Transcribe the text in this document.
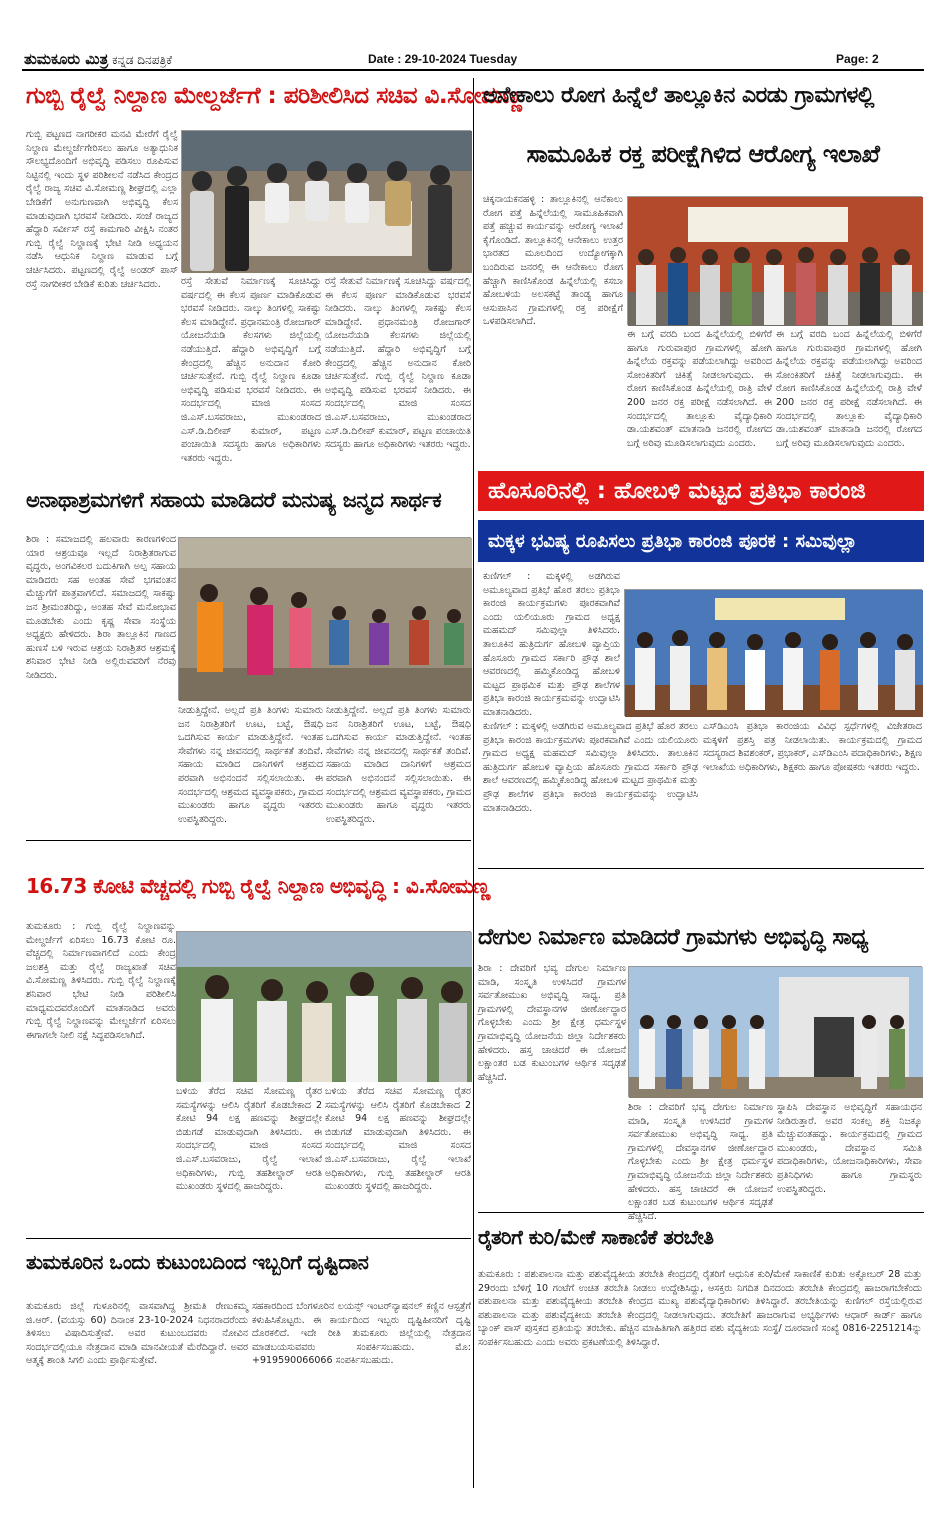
ತುಮಕೂರು ಮಿತ್ರ ಕನ್ನಡ ದಿನಪತ್ರಿಕೆ	Date : 29-10-2024 Tuesday	Page: 2
ಗುಬ್ಬಿ ರೈಲ್ವೆ ನಿಲ್ದಾಣ ಮೇಲ್ದರ್ಜೆಗೆ : ಪರಿಶೀಲಿಸಿದ ಸಚಿವ ವಿ.ಸೋಮಣ್ಣ
ಗುಬ್ಬಿ ಪಟ್ಟಣದ ನಾಗರೀಕರ ಮನವಿ ಮೇರೆಗೆ ರೈಲ್ವೆ ನಿಲ್ದಾಣ ಮೇಲ್ದರ್ಜೆಗೇರಿಸಲು ಹಾಗೂ ಅತ್ಯಾಧುನಿಕ ಸೌಲಭ್ಯದೊಂದಿಗೆ ಅಭಿವೃದ್ಧಿ ಪಡಿಸಲು ರೂಪಿಸುವ ನಿಟ್ಟಿನಲ್ಲಿ ಇಂದು ಸ್ಥಳ ಪರಿಶೀಲನೆ ನಡೆಸಿದ ಕೇಂದ್ರದ ರೈಲ್ವೆ ರಾಜ್ಯ ಸಚಿವ ವಿ.ಸೋಮಣ್ಣ ಶೀಘ್ರದಲ್ಲಿ ಎಲ್ಲಾ ಬೇಡಿಕೆಗೆ ಅನುಗುಣವಾಗಿ ಅಭಿವೃದ್ಧಿ ಕೆಲಸ ಮಾಡುವುದಾಗಿ ಭರವಸೆ ನೀಡಿದರು. ಸಂಜೆ ರಾಜ್ಯದ ಹೆದ್ದಾರಿ ಸರ್ವೀಸ್ ರಸ್ತೆ ಕಾಮಗಾರಿ ವೀಕ್ಷಿಸಿ ನಂತರ ಗುಬ್ಬಿ ರೈಲ್ವೆ ನಿಲ್ದಾಣಕ್ಕೆ ಭೇಟಿ ನೀಡಿ ಅಧ್ಯಯನ ನಡೆಸಿ ಆಧುನಿಕ ನಿಲ್ದಾಣ ಮಾಡುವ ಬಗ್ಗೆ ಚರ್ಚಿಸಿದರು. ಪಟ್ಟಣದಲ್ಲಿ ರೈಲ್ವೆ ಅಂಡರ್ ಪಾಸ್ ರಸ್ತೆ ನಾಗರೀಕರ ಬೇಡಿಕೆ ಕುರಿತು ಚರ್ಚಿಸಿದರು.	ರಸ್ತೆ ಸೇತುವೆ ನಿರ್ಮಾಣಕ್ಕೆ ಸೂಚಿಸಿದ್ದು ವರ್ಷದಲ್ಲಿ ಈ ಕೆಲಸ ಪೂರ್ಣ ಮಾಡಿಕೊಡುವ ಭರವಸೆ ನೀಡಿದರು. ನಾಲ್ಕು ತಿಂಗಳಲ್ಲಿ ಸಾಕಷ್ಟು ಕೆಲಸ ಮಾಡಿದ್ದೇನೆ. ಪ್ರಧಾನಮಂತ್ರಿ ರೋಜಗಾರ್ ಯೋಜನೆಯಡಿ ಕೆಲಸಗಳು ಜಿಲ್ಲೆಯಲ್ಲಿ ನಡೆಯುತ್ತಿದೆ. ಹೆದ್ದಾರಿ ಅಭಿವೃದ್ಧಿಗೆ ಬಗ್ಗೆ ಕೇಂದ್ರದಲ್ಲಿ ಹೆಚ್ಚಿನ ಅನುದಾನ ಕೋರಿ ಚರ್ಚಿಸುತ್ತೇನೆ. ಗುಬ್ಬಿ ರೈಲ್ವೆ ನಿಲ್ದಾಣ ಕೂಡಾ ಅಭಿವೃದ್ಧಿ ಪಡಿಸುವ ಭರವಸೆ ನೀಡಿದರು. ಈ ಸಂದರ್ಭದಲ್ಲಿ ಮಾಜಿ ಸಂಸದ ಜಿ.ಎಸ್.ಬಸವರಾಜು, ಮುಖಂಡರಾದ ಎಸ್.ಡಿ.ದಿಲೀಪ್ ಕುಮಾರ್, ಪಟ್ಟಣ ಪಂಚಾಯಿತಿ ಸದಸ್ಯರು ಹಾಗೂ ಅಧಿಕಾರಿಗಳು ಇತರರು ಇದ್ದರು.
ರಸ್ತೆ ಸೇತುವೆ ನಿರ್ಮಾಣಕ್ಕೆ ಸೂಚಿಸಿದ್ದು ವರ್ಷದಲ್ಲಿ ಈ ಕೆಲಸ ಪೂರ್ಣ ಮಾಡಿಕೊಡುವ ಭರವಸೆ ನೀಡಿದರು. ನಾಲ್ಕು ತಿಂಗಳಲ್ಲಿ ಸಾಕಷ್ಟು ಕೆಲಸ ಮಾಡಿದ್ದೇನೆ. ಪ್ರಧಾನಮಂತ್ರಿ ರೋಜಗಾರ್ ಯೋಜನೆಯಡಿ ಕೆಲಸಗಳು ಜಿಲ್ಲೆಯಲ್ಲಿ ನಡೆಯುತ್ತಿದೆ. ಹೆದ್ದಾರಿ ಅಭಿವೃದ್ಧಿಗೆ ಬಗ್ಗೆ ಕೇಂದ್ರದಲ್ಲಿ ಹೆಚ್ಚಿನ ಅನುದಾನ ಕೋರಿ ಚರ್ಚಿಸುತ್ತೇನೆ. ಗುಬ್ಬಿ ರೈಲ್ವೆ ನಿಲ್ದಾಣ ಕೂಡಾ ಅಭಿವೃದ್ಧಿ ಪಡಿಸುವ ಭರವಸೆ ನೀಡಿದರು. ಈ ಸಂದರ್ಭದಲ್ಲಿ ಮಾಜಿ ಸಂಸದ ಜಿ.ಎಸ್.ಬಸವರಾಜು, ಮುಖಂಡರಾದ ಎಸ್.ಡಿ.ದಿಲೀಪ್ ಕುಮಾರ್, ಪಟ್ಟಣ ಪಂಚಾಯಿತಿ ಸದಸ್ಯರು ಹಾಗೂ ಅಧಿಕಾರಿಗಳು ಇತರರು ಇದ್ದರು.
ಅನೇಕಾಲು ರೋಗ ಹಿನ್ನೆಲೆ ತಾಲ್ಲೂಕಿನ ಎರಡು ಗ್ರಾಮಗಳಲ್ಲಿ
ಸಾಮೂಹಿಕ ರಕ್ತ ಪರೀಕ್ಷೆಗಿಳಿದ ಆರೋಗ್ಯ ಇಲಾಖೆ
ಚಿಕ್ಕನಾಯಕನಹಳ್ಳಿ : ತಾಲ್ಲೂಕಿನಲ್ಲಿ ಆನೆಕಾಲು ರೋಗ ಪತ್ತೆ ಹಿನ್ನೆಲೆಯಲ್ಲಿ ಸಾಮೂಹಿಕವಾಗಿ ಪತ್ತೆ ಹಚ್ಚುವ ಕಾರ್ಯವನ್ನು ಆರೋಗ್ಯ ಇಲಾಖೆ ಕೈಗೊಂಡಿದೆ. ತಾಲ್ಲೂಕಿನಲ್ಲಿ ಆನೇಕಾಲು ಉತ್ತರ ಭಾರತದ ಮೂಲದಿಂದ ಉದ್ಯೋಗಕ್ಕಾಗಿ ಬಂದಿರುವ ಜನರಲ್ಲಿ ಈ ಆನೇಕಾಲು ರೋಗ ಹೆಚ್ಚಾಗಿ ಕಾಣಿಸಿಕೊಂಡ ಹಿನ್ನೆಲೆಯಲ್ಲಿ ಕಸಬಾ ಹೋಬಳಿಯ ಅಲಸಕಟ್ಟೆ ತಾಂಡ್ಯ ಹಾಗೂ ಆಸುಪಾಸಿನ ಗ್ರಾಮಗಳಲ್ಲಿ ರಕ್ತ ಪರೀಕ್ಷೆಗೆ ಒಳಪಡಿಸಲಾಗಿದೆ.
ಈ ಬಗ್ಗೆ ವರದಿ ಬಂದ ಹಿನ್ನೆಲೆಯಲ್ಲಿ ಬಿಳಿಗೆರೆ ಹಾಗೂ ಗುರುವಾಪುರ ಗ್ರಾಮಗಳಲ್ಲಿ ಹೋಗಿ ಹಿನ್ನೆಲೆಯ ರಕ್ತವನ್ನು ಪಡೆಯಲಾಗಿದ್ದು ಅವರಿಂದ ಸೋಂಕಿತರಿಗೆ ಚಿಕಿತ್ಸೆ ನೀಡಲಾಗುವುದು. ಈ ರೋಗ ಕಾಣಿಸಿಕೊಂಡ ಹಿನ್ನೆಲೆಯಲ್ಲಿ ರಾತ್ರಿ ವೇಳೆ 200 ಜನರ ರಕ್ತ ಪರೀಕ್ಷೆ ನಡೆಸಲಾಗಿದೆ. ಈ ಸಂದರ್ಭದಲ್ಲಿ ತಾಲ್ಲೂಕು ವೈದ್ಯಾಧಿಕಾರಿ ಡಾ.ಯಶವಂತ್ ಮಾತನಾಡಿ ಜನರಲ್ಲಿ ರೋಗದ ಬಗ್ಗೆ ಅರಿವು ಮೂಡಿಸಲಾಗುವುದು ಎಂದರು.
ಈ ಬಗ್ಗೆ ವರದಿ ಬಂದ ಹಿನ್ನೆಲೆಯಲ್ಲಿ ಬಿಳಿಗೆರೆ ಹಾಗೂ ಗುರುವಾಪುರ ಗ್ರಾಮಗಳಲ್ಲಿ ಹೋಗಿ ಹಿನ್ನೆಲೆಯ ರಕ್ತವನ್ನು ಪಡೆಯಲಾಗಿದ್ದು ಅವರಿಂದ ಸೋಂಕಿತರಿಗೆ ಚಿಕಿತ್ಸೆ ನೀಡಲಾಗುವುದು. ಈ ರೋಗ ಕಾಣಿಸಿಕೊಂಡ ಹಿನ್ನೆಲೆಯಲ್ಲಿ ರಾತ್ರಿ ವೇಳೆ 200 ಜನರ ರಕ್ತ ಪರೀಕ್ಷೆ ನಡೆಸಲಾಗಿದೆ. ಈ ಸಂದರ್ಭದಲ್ಲಿ ತಾಲ್ಲೂಕು ವೈದ್ಯಾಧಿಕಾರಿ ಡಾ.ಯಶವಂತ್ ಮಾತನಾಡಿ ಜನರಲ್ಲಿ ರೋಗದ ಬಗ್ಗೆ ಅರಿವು ಮೂಡಿಸಲಾಗುವುದು ಎಂದರು.
ಅನಾಥಾಶ್ರಮಗಳಿಗೆ ಸಹಾಯ ಮಾಡಿದರೆ ಮನುಷ್ಯ ಜನ್ಮದ ಸಾರ್ಥಕ
ಶಿರಾ : ಸಮಾಜದಲ್ಲಿ ಹಲವಾರು ಕಾರಣಗಳಿಂದ ಯಾರ ಆಶ್ರಯವೂ ಇಲ್ಲದೆ ನಿರಾಶ್ರಿತರಾಗುವ ವೃದ್ಧರು, ಅಂಗವಿಕಲರ ಬದುಕಿಗಾಗಿ ಅಲ್ಪ ಸಹಾಯ ಮಾಡಿದರು ಸಹ ಅಂತಹ ಸೇವೆ ಭಗವಂತನ ಮೆಚ್ಚುಗೆಗೆ ಪಾತ್ರವಾಗಲಿದೆ. ಸಮಾಜದಲ್ಲಿ ಸಾಕಷ್ಟು ಜನ ಶ್ರೀಮಂತರಿದ್ದು, ಅಂತಹ ಸೇವೆ ಮನೋಭಾವ ಮೂಡಬೇಕು ಎಂದು ಕೃಷ್ಣ ಸೇವಾ ಸಂಸ್ಥೆಯ ಅಧ್ಯಕ್ಷರು ಹೇಳಿದರು. ಶಿರಾ ತಾಲ್ಲೂಕಿನ ಗಾಣದ ಹುಣಸೆ ಬಳಿ ಇರುವ ಆಶ್ರಯ ನಿರಾಶ್ರಿತರ ಆಶ್ರಮಕ್ಕೆ ಶನಿವಾರ ಭೇಟಿ ನೀಡಿ ಅಲ್ಲಿರುವವರಿಗೆ ನೆರವು ನೀಡಿದರು.
ನೀಡುತ್ತಿದ್ದೇನೆ. ಅಲ್ಲದೆ ಪ್ರತಿ ತಿಂಗಳು ಸುಮಾರು ಜನ ನಿರಾಶ್ರಿತರಿಗೆ ಊಟ, ಬಟ್ಟೆ, ಔಷಧಿ ಒದಗಿಸುವ ಕಾರ್ಯ ಮಾಡುತ್ತಿದ್ದೇನೆ. ಇಂತಹ ಸೇವೆಗಳು ನನ್ನ ಜೀವನದಲ್ಲಿ ಸಾರ್ಥಕತೆ ತಂದಿವೆ. ಸಹಾಯ ಮಾಡಿದ ದಾನಿಗಳಿಗೆ ಆಶ್ರಮದ ಪರವಾಗಿ ಅಭಿನಂದನೆ ಸಲ್ಲಿಸಲಾಯಿತು. ಈ ಸಂದರ್ಭದಲ್ಲಿ ಆಶ್ರಮದ ವ್ಯವಸ್ಥಾಪಕರು, ಗ್ರಾಮದ ಮುಖಂಡರು ಹಾಗೂ ವೃದ್ಧರು ಇತರರು ಉಪಸ್ಥಿತರಿದ್ದರು.
ನೀಡುತ್ತಿದ್ದೇನೆ. ಅಲ್ಲದೆ ಪ್ರತಿ ತಿಂಗಳು ಸುಮಾರು ಜನ ನಿರಾಶ್ರಿತರಿಗೆ ಊಟ, ಬಟ್ಟೆ, ಔಷಧಿ ಒದಗಿಸುವ ಕಾರ್ಯ ಮಾಡುತ್ತಿದ್ದೇನೆ. ಇಂತಹ ಸೇವೆಗಳು ನನ್ನ ಜೀವನದಲ್ಲಿ ಸಾರ್ಥಕತೆ ತಂದಿವೆ. ಸಹಾಯ ಮಾಡಿದ ದಾನಿಗಳಿಗೆ ಆಶ್ರಮದ ಪರವಾಗಿ ಅಭಿನಂದನೆ ಸಲ್ಲಿಸಲಾಯಿತು. ಈ ಸಂದರ್ಭದಲ್ಲಿ ಆಶ್ರಮದ ವ್ಯವಸ್ಥಾಪಕರು, ಗ್ರಾಮದ ಮುಖಂಡರು ಹಾಗೂ ವೃದ್ಧರು ಇತರರು ಉಪಸ್ಥಿತರಿದ್ದರು.
ಹೊಸೂರಿನಲ್ಲಿ : ಹೋಬಳಿ ಮಟ್ಟದ ಪ್ರತಿಭಾ ಕಾರಂಜಿ
ಮಕ್ಕಳ ಭವಿಷ್ಯ ರೂಪಿಸಲು ಪ್ರತಿಭಾ ಕಾರಂಜಿ ಪೂರಕ : ಸಮಿವುಲ್ಲಾ
ಕುಣಿಗಲ್ : ಮಕ್ಕಳಲ್ಲಿ ಅಡಗಿರುವ ಅಮೂಲ್ಯವಾದ ಪ್ರತಿಭೆ ಹೊರ ತರಲು ಪ್ರತಿಭಾ ಕಾರಂಜಿ ಕಾರ್ಯಕ್ರಮಗಳು ಪೂರಕವಾಗಿವೆ ಎಂದು ಯಲಿಯೂರು ಗ್ರಾಮದ ಅಧ್ಯಕ್ಷ ಮಹಮದ್ ಸಮಿವುಲ್ಲಾ ತಿಳಿಸಿದರು. ತಾಲೂಕಿನ ಹುತ್ರಿದುರ್ಗ ಹೋಬಳಿ ವ್ಯಾಪ್ತಿಯ ಹೊಸೂರು ಗ್ರಾಮದ ಸರ್ಕಾರಿ ಪ್ರೌಢ ಶಾಲೆ ಆವರಣದಲ್ಲಿ ಹಮ್ಮಿಕೊಂಡಿದ್ದ ಹೋಬಳಿ ಮಟ್ಟದ ಪ್ರಾಥಮಿಕ ಮತ್ತು ಪ್ರೌಢ ಶಾಲೆಗಳ ಪ್ರತಿಭಾ ಕಾರಂಜಿ ಕಾರ್ಯಕ್ರಮವನ್ನು ಉದ್ಘಾಟಿಸಿ ಮಾತನಾಡಿದರು.
ಕುಣಿಗಲ್ : ಮಕ್ಕಳಲ್ಲಿ ಅಡಗಿರುವ ಅಮೂಲ್ಯವಾದ ಪ್ರತಿಭೆ ಹೊರ ತರಲು ಪ್ರತಿಭಾ ಕಾರಂಜಿ ಕಾರ್ಯಕ್ರಮಗಳು ಪೂರಕವಾಗಿವೆ ಎಂದು ಯಲಿಯೂರು ಗ್ರಾಮದ ಅಧ್ಯಕ್ಷ ಮಹಮದ್ ಸಮಿವುಲ್ಲಾ ತಿಳಿಸಿದರು. ತಾಲೂಕಿನ ಹುತ್ರಿದುರ್ಗ ಹೋಬಳಿ ವ್ಯಾಪ್ತಿಯ ಹೊಸೂರು ಗ್ರಾಮದ ಸರ್ಕಾರಿ ಪ್ರೌಢ ಶಾಲೆ ಆವರಣದಲ್ಲಿ ಹಮ್ಮಿಕೊಂಡಿದ್ದ ಹೋಬಳಿ ಮಟ್ಟದ ಪ್ರಾಥಮಿಕ ಮತ್ತು ಪ್ರೌಢ ಶಾಲೆಗಳ ಪ್ರತಿಭಾ ಕಾರಂಜಿ ಕಾರ್ಯಕ್ರಮವನ್ನು ಉದ್ಘಾಟಿಸಿ ಮಾತನಾಡಿದರು.
ಎಸ್‌ಡಿಎಂಸಿ ಪ್ರತಿಭಾ ಕಾರಂಜಿಯ ವಿವಿಧ ಸ್ಪರ್ಧೆಗಳಲ್ಲಿ ವಿಜೇತರಾದ ಮಕ್ಕಳಿಗೆ ಪ್ರಶಸ್ತಿ ಪತ್ರ ನೀಡಲಾಯಿತು. ಕಾರ್ಯಕ್ರಮದಲ್ಲಿ ಗ್ರಾಮದ ಸದಸ್ಯರಾದ ಶಿವಶಂಕರ್, ಪ್ರಭಾಕರ್, ಎಸ್‌ಡಿಎಂಸಿ ಪದಾಧಿಕಾರಿಗಳು, ಶಿಕ್ಷಣ ಇಲಾಖೆಯ ಅಧಿಕಾರಿಗಳು, ಶಿಕ್ಷಕರು ಹಾಗೂ ಪೋಷಕರು ಇತರರು ಇದ್ದರು.
16.73 ಕೋಟಿ ವೆಚ್ಚದಲ್ಲಿ ಗುಬ್ಬಿ ರೈಲ್ವೆ ನಿಲ್ದಾಣ ಅಭಿವೃದ್ಧಿ : ವಿ.ಸೋಮಣ್ಣ
ತುಮಕೂರು : ಗುಬ್ಬಿ ರೈಲ್ವೆ ನಿಲ್ದಾಣವನ್ನು ಮೇಲ್ದರ್ಜೆಗೆ ಏರಿಸಲು 16.73 ಕೋಟಿ ರೂ. ವೆಚ್ಚದಲ್ಲಿ ನಿರ್ಮಾಣವಾಗಲಿದೆ ಎಂದು ಕೇಂದ್ರ ಜಲಶಕ್ತಿ ಮತ್ತು ರೈಲ್ವೆ ರಾಜ್ಯಖಾತೆ ಸಚಿವ ವಿ.ಸೋಮಣ್ಣ ತಿಳಿಸಿದರು. ಗುಬ್ಬಿ ರೈಲ್ವೆ ನಿಲ್ದಾಣಕ್ಕೆ ಶನಿವಾರ ಭೇಟಿ ನೀಡಿ ಪರಿಶೀಲಿಸಿ ಮಾಧ್ಯಮದವರೊಂದಿಗೆ ಮಾತನಾಡಿದ ಅವರು ಗುಬ್ಬಿ ರೈಲ್ವೆ ನಿಲ್ದಾಣವನ್ನು ಮೇಲ್ದರ್ಜೆಗೆ ಏರಿಸಲು ಈಗಾಗಲೇ ನೀಲಿ ನಕ್ಷೆ ಸಿದ್ಧಪಡಿಸಲಾಗಿದೆ.
ಬಳಿಯ ತೆರೆದ ಸಚಿವ ಸೋಮಣ್ಣ ರೈತರ ಸಮಸ್ಯೆಗಳನ್ನು ಆಲಿಸಿ ರೈತರಿಗೆ ಕೊಡಬೇಕಾದ 2 ಕೋಟಿ 94 ಲಕ್ಷ ಹಣವನ್ನು ಶೀಘ್ರದಲ್ಲೇ ಬಿಡುಗಡೆ ಮಾಡುವುದಾಗಿ ತಿಳಿಸಿದರು. ಈ ಸಂದರ್ಭದಲ್ಲಿ ಮಾಜಿ ಸಂಸದ ಜಿ.ಎಸ್.ಬಸವರಾಜು, ರೈಲ್ವೆ ಇಲಾಖೆ ಅಧಿಕಾರಿಗಳು, ಗುಬ್ಬಿ ತಹಶೀಲ್ದಾರ್ ಆರತಿ ಮುಖಂಡರು ಸ್ಥಳದಲ್ಲಿ ಹಾಜರಿದ್ದರು.
ಬಳಿಯ ತೆರೆದ ಸಚಿವ ಸೋಮಣ್ಣ ರೈತರ ಸಮಸ್ಯೆಗಳನ್ನು ಆಲಿಸಿ ರೈತರಿಗೆ ಕೊಡಬೇಕಾದ 2 ಕೋಟಿ 94 ಲಕ್ಷ ಹಣವನ್ನು ಶೀಘ್ರದಲ್ಲೇ ಬಿಡುಗಡೆ ಮಾಡುವುದಾಗಿ ತಿಳಿಸಿದರು. ಈ ಸಂದರ್ಭದಲ್ಲಿ ಮಾಜಿ ಸಂಸದ ಜಿ.ಎಸ್.ಬಸವರಾಜು, ರೈಲ್ವೆ ಇಲಾಖೆ ಅಧಿಕಾರಿಗಳು, ಗುಬ್ಬಿ ತಹಶೀಲ್ದಾರ್ ಆರತಿ ಮುಖಂಡರು ಸ್ಥಳದಲ್ಲಿ ಹಾಜರಿದ್ದರು.
ದೇಗುಲ ನಿರ್ಮಾಣ ಮಾಡಿದರೆ ಗ್ರಾಮಗಳು ಅಭಿವೃದ್ಧಿ ಸಾಧ್ಯ
ಶಿರಾ : ದೇವರಿಗೆ ಭವ್ಯ ದೇಗುಲ ನಿರ್ಮಾಣ ಮಾಡಿ, ಸಂಸ್ಕೃತಿ ಉಳಿಸಿದರೆ ಗ್ರಾಮಗಳ ಸರ್ವತೋಮುಖ ಅಭಿವೃದ್ಧಿ ಸಾಧ್ಯ. ಪ್ರತಿ ಗ್ರಾಮಗಳಲ್ಲಿ ದೇವಸ್ಥಾನಗಳ ಜೀರ್ಣೋದ್ಧಾರ ಗೊಳ್ಳಬೇಕು ಎಂದು ಶ್ರೀ ಕ್ಷೇತ್ರ ಧರ್ಮಸ್ಥಳ ಗ್ರಾಮಾಭಿವೃದ್ಧಿ ಯೋಜನೆಯ ಜಿಲ್ಲಾ ನಿರ್ದೇಶಕರು ಹೇಳಿದರು. ಹಸ್ತ ಚಾಚಿದರೆ ಈ ಯೋಜನೆ ಲಕ್ಷಾಂತರ ಬಡ ಕುಟುಂಬಗಳ ಆರ್ಥಿಕ ಸದೃಢತೆ ಹೆಚ್ಚಿಸಿದೆ.
ಶಿರಾ : ದೇವರಿಗೆ ಭವ್ಯ ದೇಗುಲ ನಿರ್ಮಾಣ ಮಾಡಿ, ಸಂಸ್ಕೃತಿ ಉಳಿಸಿದರೆ ಗ್ರಾಮಗಳ ಸರ್ವತೋಮುಖ ಅಭಿವೃದ್ಧಿ ಸಾಧ್ಯ. ಪ್ರತಿ ಗ್ರಾಮಗಳಲ್ಲಿ ದೇವಸ್ಥಾನಗಳ ಜೀರ್ಣೋದ್ಧಾರ ಗೊಳ್ಳಬೇಕು ಎಂದು ಶ್ರೀ ಕ್ಷೇತ್ರ ಧರ್ಮಸ್ಥಳ ಗ್ರಾಮಾಭಿವೃದ್ಧಿ ಯೋಜನೆಯ ಜಿಲ್ಲಾ ನಿರ್ದೇಶಕರು ಹೇಳಿದರು. ಹಸ್ತ ಚಾಚಿದರೆ ಈ ಯೋಜನೆ ಲಕ್ಷಾಂತರ ಬಡ ಕುಟುಂಬಗಳ ಆರ್ಥಿಕ ಸದೃಢತೆ ಹೆಚ್ಚಿಸಿದೆ.
ಸ್ಥಾಪಿಸಿ ದೇವಸ್ಥಾನ ಅಭಿವೃದ್ಧಿಗೆ ಸಹಾಯಧನ ನೀಡಿರುತ್ತಾರೆ. ಅವರ ಸಂಕಲ್ಪ ಶಕ್ತಿ ನಿಜಕ್ಕೂ ಮೆಚ್ಚುವಂತಹದ್ದು. ಕಾರ್ಯಕ್ರಮದಲ್ಲಿ ಗ್ರಾಮದ ಮುಖಂಡರು, ದೇವಸ್ಥಾನ ಸಮಿತಿ ಪದಾಧಿಕಾರಿಗಳು, ಯೋಜನಾಧಿಕಾರಿಗಳು, ಸೇವಾ ಪ್ರತಿನಿಧಿಗಳು ಹಾಗೂ ಗ್ರಾಮಸ್ಥರು ಉಪಸ್ಥಿತರಿದ್ದರು.
ತುಮಕೂರಿನ ಒಂದು ಕುಟುಂಬದಿಂದ ಇಬ್ಬರಿಗೆ ದೃಷ್ಟಿದಾನ
ತುಮಕೂರು ಜಿಲ್ಲೆ ಗುಳೂರಿನಲ್ಲಿ ವಾಸವಾಗಿದ್ದ ಶ್ರೀಮತಿ ರೇಣುಕಮ್ಮ ಜಿ.ಆರ್. (ವಯಸ್ಸು 60) ದಿನಾಂಕ 23-10-2024 ನಿಧನರಾದರೆಂದು ತಿಳಿಸಲು ವಿಷಾದಿಸುತ್ತೇವೆ. ಅವರ ಕುಟುಂಬದವರು ನೋವಿನ ಸಂದರ್ಭದಲ್ಲಿಯೂ ನೇತ್ರದಾನ ಮಾಡಿ ಮಾನವೀಯತೆ ಮೆರೆದಿದ್ದಾರೆ. ಅವರ ಆತ್ಮಕ್ಕೆ ಶಾಂತಿ ಸಿಗಲಿ ಎಂದು ಪ್ರಾರ್ಥಿಸುತ್ತೇವೆ.
ಸಹಕಾರದಿಂದ ಬೆಂಗಳೂರಿನ ಲಯನ್ಸ್ ಇಂಟರ್‌ನ್ಯಾಷನಲ್ ಕಣ್ಣಿನ ಆಸ್ಪತ್ರೆಗೆ ಕಳುಹಿಸಿಕೊಟ್ಟರು. ಈ ಕಾರ್ಯದಿಂದ ಇಬ್ಬರು ದೃಷ್ಟಿಹೀನರಿಗೆ ದೃಷ್ಟಿ ದೊರಕಲಿದೆ. ಇದೇ ರೀತಿ ತುಮಕೂರು ಜಿಲ್ಲೆಯಲ್ಲಿ ನೇತ್ರದಾನ ಮಾಡಬಯಸುವವರು ಸಂಪರ್ಕಿಸಬಹುದು. ಮೊ: +919590066066 ಸಂಪರ್ಕಿಸಬಹುದು.
ರೈತರಿಗೆ ಕುರಿ/ಮೇಕೆ ಸಾಕಾಣಿಕೆ ತರಬೇತಿ
ತುಮಕೂರು : ಪಶುಪಾಲನಾ ಮತ್ತು ಪಶುವೈದ್ಯಕೀಯ ತರಬೇತಿ ಕೇಂದ್ರದಲ್ಲಿ ರೈತರಿಗೆ ಆಧುನಿಕ ಕುರಿ/ಮೇಕೆ ಸಾಕಾಣಿಕೆ ಕುರಿತು ಅಕ್ಟೋಬರ್ 28 ಮತ್ತು 29ರಂದು ಬೆಳಿಗ್ಗೆ 10 ಗಂಟೆಗೆ ಉಚಿತ ತರಬೇತಿ ನೀಡಲು ಉದ್ದೇಶಿಸಿದ್ದು, ಆಸಕ್ತರು ನಿಗದಿತ ದಿನದಂದು ತರಬೇತಿ ಕೇಂದ್ರದಲ್ಲಿ ಹಾಜರಾಗಬೇಕೆಂದು ಪಶುಪಾಲನಾ ಮತ್ತು ಪಶುವೈದ್ಯಕೀಯ ತರಬೇತಿ ಕೇಂದ್ರದ ಮುಖ್ಯ ಪಶುವೈದ್ಯಾಧಿಕಾರಿಗಳು ತಿಳಿಸಿದ್ದಾರೆ. ತರಬೇತಿಯನ್ನು ಕುಣಿಗಲ್ ರಸ್ತೆಯಲ್ಲಿರುವ ಪಶುಪಾಲನಾ ಮತ್ತು ಪಶುವೈದ್ಯಕೀಯ ತರಬೇತಿ ಕೇಂದ್ರದಲ್ಲಿ ನೀಡಲಾಗುವುದು. ತರಬೇತಿಗೆ ಹಾಜರಾಗುವ ಅಭ್ಯರ್ಥಿಗಳು ಆಧಾರ್ ಕಾರ್ಡ್ ಹಾಗೂ ಬ್ಯಾಂಕ್ ಪಾಸ್ ಪುಸ್ತಕದ ಪ್ರತಿಯನ್ನು ತರಬೇಕು. ಹೆಚ್ಚಿನ ಮಾಹಿತಿಗಾಗಿ ಹತ್ತಿರದ ಪಶು ವೈದ್ಯಕೀಯ ಸಂಸ್ಥೆ/ ದೂರವಾಣಿ ಸಂಖ್ಯೆ 0816-2251214ನ್ನು ಸಂಪರ್ಕಿಸಬಹುದು ಎಂದು ಅವರು ಪ್ರಕಟಣೆಯಲ್ಲಿ ತಿಳಿಸಿದ್ದಾರೆ.
